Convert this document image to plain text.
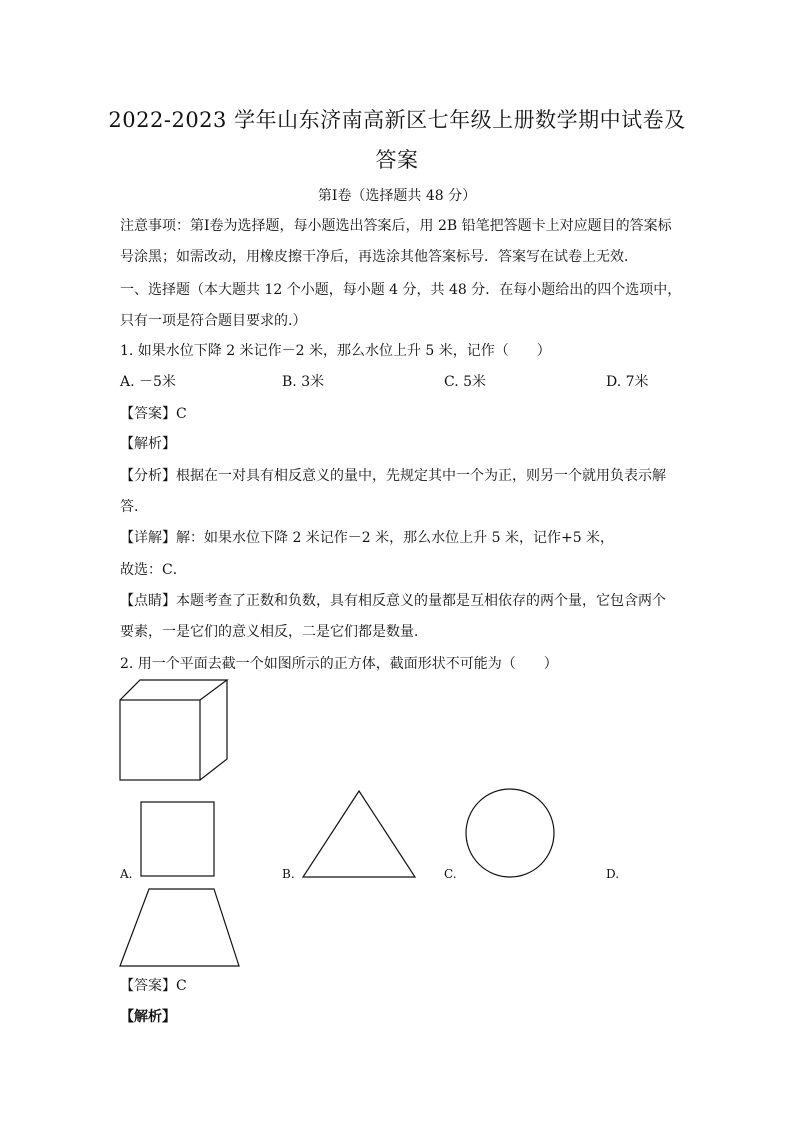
2022-2023 学年山东济南高新区七年级上册数学期中试卷及
答案
第Ⅰ卷（选择题共 48 分）
注意事项：第Ⅰ卷为选择题，每小题选出答案后，用 2B 铅笔把答题卡上对应题目的答案标
号涂黑；如需改动，用橡皮擦干净后，再选涂其他答案标号．答案写在试卷上无效．
一、选择题（本大题共 12 个小题，每小题 4 分，共 48 分．在每小题给出的四个选项中，
只有一项是符合题目要求的.）
1. 如果水位下降 2 米记作－2 米，那么水位上升 5 米，记作（　　）
A. －5米	B. 3米	C. 5米	D. 7米
【答案】C
【解析】
【分析】根据在一对具有相反意义的量中，先规定其中一个为正，则另一个就用负表示解
答.
【详解】解：如果水位下降 2 米记作－2 米，那么水位上升 5 米，记作+5 米，
故选：C．
【点睛】本题考查了正数和负数，具有相反意义的量都是互相依存的两个量，它包含两个
要素，一是它们的意义相反，二是它们都是数量．
2. 用一个平面去截一个如图所示的正方体，截面形状不可能为（　　）
A.	B.	C.	D.
【答案】C
【解析】
